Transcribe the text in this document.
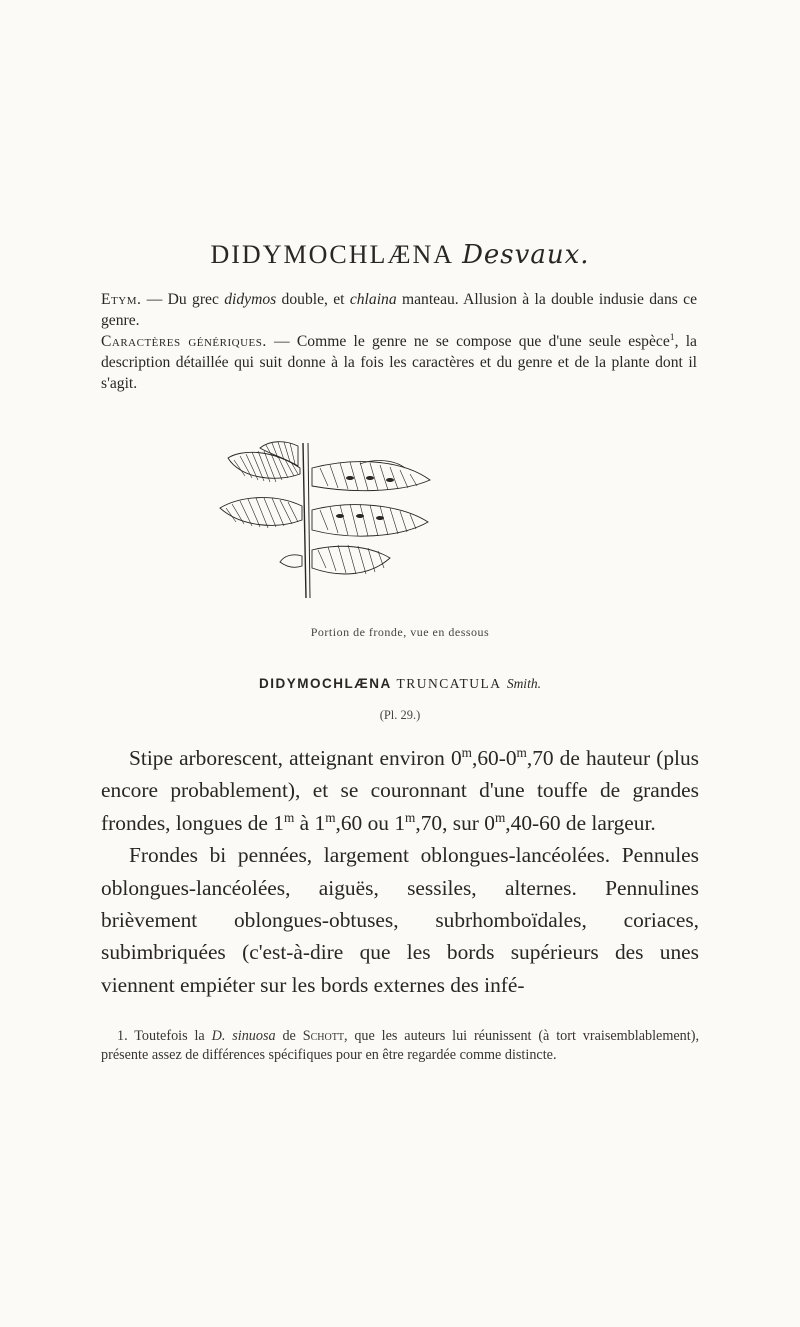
DIDYMOCHLÆNA Desvaux.

Etym. — Du grec didymos double, et chlaina manteau. Allusion à la double indusie dans ce genre.

Caractères génériques. — Comme le genre ne se compose que d'une seule espèce$^1$, la description détaillée qui suit donne à la fois les caractères et du genre et de la plante dont il s'agit.

Portion de fronde, vue en dessous
DIDYMOCHLÆNA TRUNCATULA Smith.
(Pl. 29.)

Stipe arborescent, atteignant environ 0$^m$,60-0$^m$,70 de hauteur (plus encore probablement), et se couronnant d'une touffe de grandes frondes, longues de 1$^m$ à 1$^m$,60 ou 1$^m$,70, sur 0$^m$,40-60 de largeur.

Frondes bi pennées, largement oblongues-lancéolées. Pennules oblongues-lancéolées, aiguës, sessiles, alternes. Pennulines brièvement oblongues-obtuses, subrhomboïdales, coriaces, subimbriquées (c'est-à-dire que les bords supérieurs des unes viennent empiéter sur les bords externes des infé-

1. Toutefois la D. sinuosa de Schott, que les auteurs lui réunissent (à tort vraisemblablement), présente assez de différences spécifiques pour en être regardée comme distincte.
